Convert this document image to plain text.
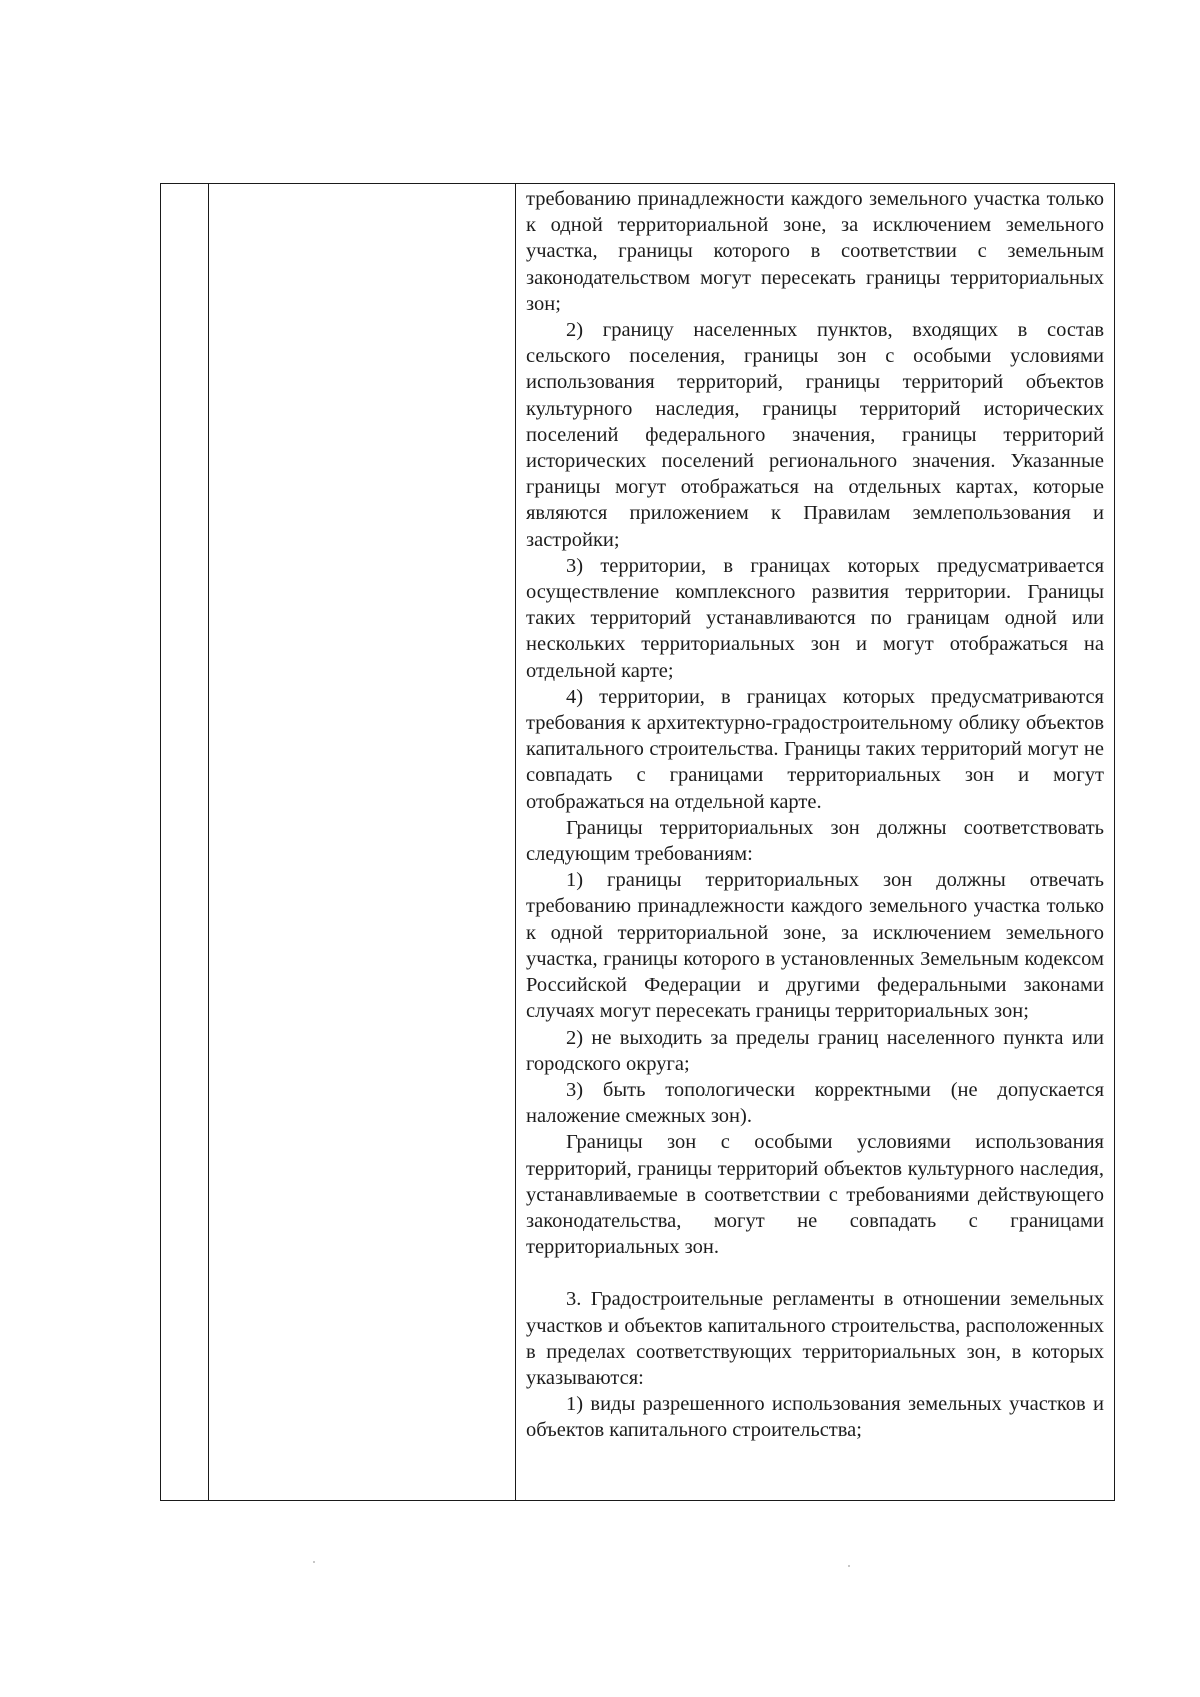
требованию принадлежности каждого земельного участка только к одной территориальной зоне, за исключением земельного участка, границы которого в соответствии с земельным законодательством могут пересекать границы территориальных зон;

2) границу населенных пунктов, входящих в состав сельского поселения, границы зон с особыми условиями использования территорий, границы территорий объектов культурного наследия, границы территорий исторических поселений федерального значения, границы территорий исторических поселений регионального значения. Указанные границы могут отображаться на отдельных картах, которые являются приложением к Правилам землепользования и застройки;

3) территории, в границах которых предусматривается осуществление комплексного развития территории. Границы таких территорий устанавливаются по границам одной или нескольких территориальных зон и могут отображаться на отдельной карте;

4) территории, в границах которых предусматриваются требования к архитектурно-градостроительному облику объектов капитального строительства. Границы таких территорий могут не совпадать с границами территориальных зон и могут отображаться на отдельной карте.

Границы территориальных зон должны соответствовать следующим требованиям:

1) границы территориальных зон должны отвечать требованию принадлежности каждого земельного участка только к одной территориальной зоне, за исключением земельного участка, границы которого в установленных Земельным кодексом Российской Федерации и другими федеральными законами случаях могут пересекать границы территориальных зон;

2) не выходить за пределы границ населенного пункта или городского округа;

3) быть топологически корректными (не допускается наложение смежных зон).

Границы зон с особыми условиями использования территорий, границы территорий объектов культурного наследия, устанавливаемые в соответствии с требованиями действующего законодательства, могут не совпадать с границами территориальных зон.

3. Градостроительные регламенты в отношении земельных участков и объектов капитального строительства, расположенных в пределах соответствующих территориальных зон, в которых указываются:

1) виды разрешенного использования земельных участков и объектов капитального строительства;
